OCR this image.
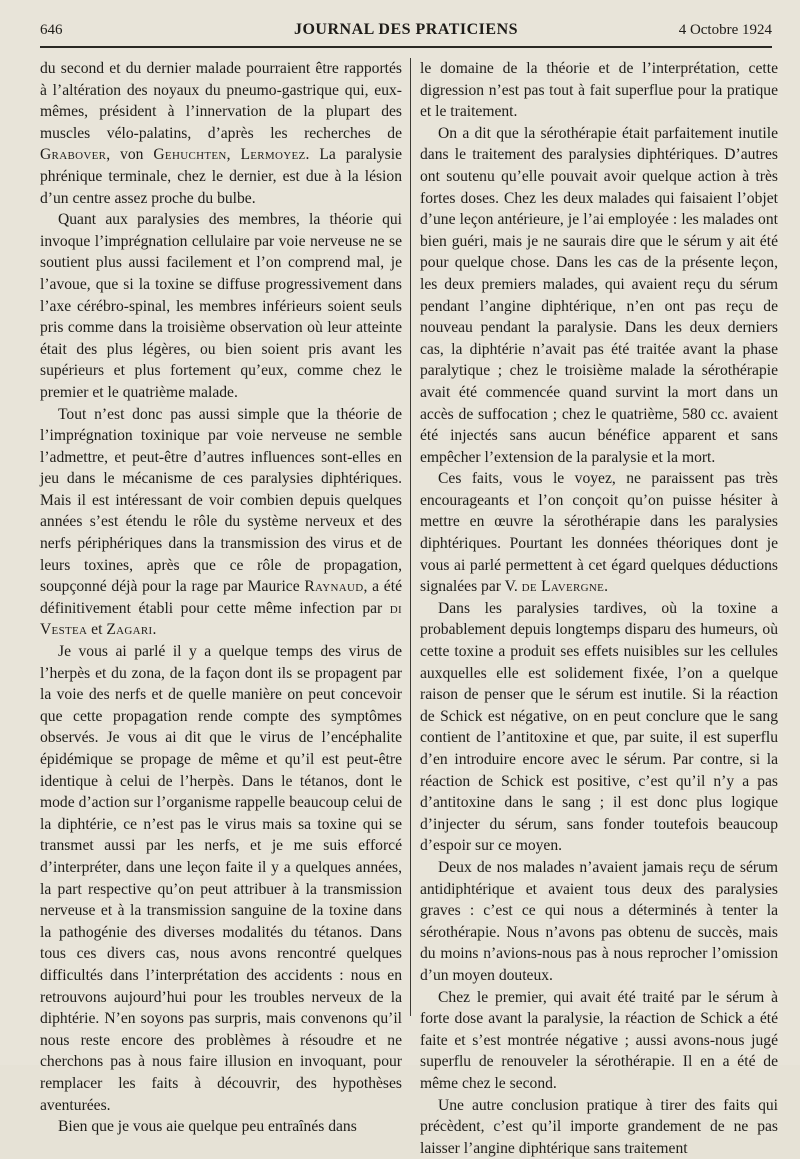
646	JOURNAL DES PRATICIENS	4 Octobre 1924

du second et du dernier malade pourraient être rapportés à l’altération des noyaux du pneumo-gastrique qui, eux-mêmes, président à l’innervation de la plupart des muscles vélo-palatins, d’après les recherches de Grabover, von Gehuchten, Lermoyez. La paralysie phrénique terminale, chez le dernier, est due à la lésion d’un centre assez proche du bulbe.

Quant aux paralysies des membres, la théorie qui invoque l’imprégnation cellulaire par voie nerveuse ne se soutient plus aussi facilement et l’on comprend mal, je l’avoue, que si la toxine se diffuse progressivement dans l’axe cérébro-spinal, les membres inférieurs soient seuls pris comme dans la troisième observation où leur atteinte était des plus légères, ou bien soient pris avant les supérieurs et plus fortement qu’eux, comme chez le premier et le quatrième malade.

Tout n’est donc pas aussi simple que la théorie de l’imprégnation toxinique par voie nerveuse ne semble l’admettre, et peut-être d’autres influences sont-elles en jeu dans le mécanisme de ces paralysies diphtériques. Mais il est intéressant de voir combien depuis quelques années s’est étendu le rôle du système nerveux et des nerfs périphériques dans la transmission des virus et de leurs toxines, après que ce rôle de propagation, soupçonné déjà pour la rage par Maurice Raynaud, a été définitivement établi pour cette même infection par di Vestea et Zagari.

Je vous ai parlé il y a quelque temps des virus de l’herpès et du zona, de la façon dont ils se propagent par la voie des nerfs et de quelle manière on peut concevoir que cette propagation rende compte des symptômes observés. Je vous ai dit que le virus de l’encéphalite épidémique se propage de même et qu’il est peut-être identique à celui de l’herpès. Dans le tétanos, dont le mode d’action sur l’organisme rappelle beaucoup celui de la diphtérie, ce n’est pas le virus mais sa toxine qui se transmet aussi par les nerfs, et je me suis efforcé d’interpréter, dans une leçon faite il y a quelques années, la part respective qu’on peut attribuer à la transmission nerveuse et à la transmission sanguine de la toxine dans la pathogénie des diverses modalités du tétanos. Dans tous ces divers cas, nous avons rencontré quelques difficultés dans l’interprétation des accidents : nous en retrouvons aujourd’hui pour les troubles nerveux de la diphtérie. N’en soyons pas surpris, mais convenons qu’il nous reste encore des problèmes à résoudre et ne cherchons pas à nous faire illusion en invoquant, pour remplacer les faits à découvrir, des hypothèses aventurées.

Bien que je vous aie quelque peu entraînés dans

le domaine de la théorie et de l’interprétation, cette digression n’est pas tout à fait superflue pour la pratique et le traitement.

On a dit que la sérothérapie était parfaitement inutile dans le traitement des paralysies diphtériques. D’autres ont soutenu qu’elle pouvait avoir quelque action à très fortes doses. Chez les deux malades qui faisaient l’objet d’une leçon antérieure, je l’ai employée : les malades ont bien guéri, mais je ne saurais dire que le sérum y ait été pour quelque chose. Dans les cas de la présente leçon, les deux premiers malades, qui avaient reçu du sérum pendant l’angine diphtérique, n’en ont pas reçu de nouveau pendant la paralysie. Dans les deux derniers cas, la diphtérie n’avait pas été traitée avant la phase paralytique ; chez le troisième malade la sérothérapie avait été commencée quand survint la mort dans un accès de suffocation ; chez le quatrième, 580 cc. avaient été injectés sans aucun bénéfice apparent et sans empêcher l’extension de la paralysie et la mort.

Ces faits, vous le voyez, ne paraissent pas très encourageants et l’on conçoit qu’on puisse hésiter à mettre en œuvre la sérothérapie dans les paralysies diphtériques. Pourtant les données théoriques dont je vous ai parlé permettent à cet égard quelques déductions signalées par V. de Lavergne.

Dans les paralysies tardives, où la toxine a probablement depuis longtemps disparu des humeurs, où cette toxine a produit ses effets nuisibles sur les cellules auxquelles elle est solidement fixée, l’on a quelque raison de penser que le sérum est inutile. Si la réaction de Schick est négative, on en peut conclure que le sang contient de l’antitoxine et que, par suite, il est superflu d’en introduire encore avec le sérum. Par contre, si la réaction de Schick est positive, c’est qu’il n’y a pas d’antitoxine dans le sang ; il est donc plus logique d’injecter du sérum, sans fonder toutefois beaucoup d’espoir sur ce moyen.

Deux de nos malades n’avaient jamais reçu de sérum antidiphtérique et avaient tous deux des paralysies graves : c’est ce qui nous a déterminés à tenter la sérothérapie. Nous n’avons pas obtenu de succès, mais du moins n’avions-nous pas à nous reprocher l’omission d’un moyen douteux.

Chez le premier, qui avait été traité par le sérum à forte dose avant la paralysie, la réaction de Schick a été faite et s’est montrée négative ; aussi avons-nous jugé superflu de renouveler la sérothérapie. Il en a été de même chez le second.

Une autre conclusion pratique à tirer des faits qui précèdent, c’est qu’il importe grandement de ne pas laisser l’angine diphtérique sans traitement
